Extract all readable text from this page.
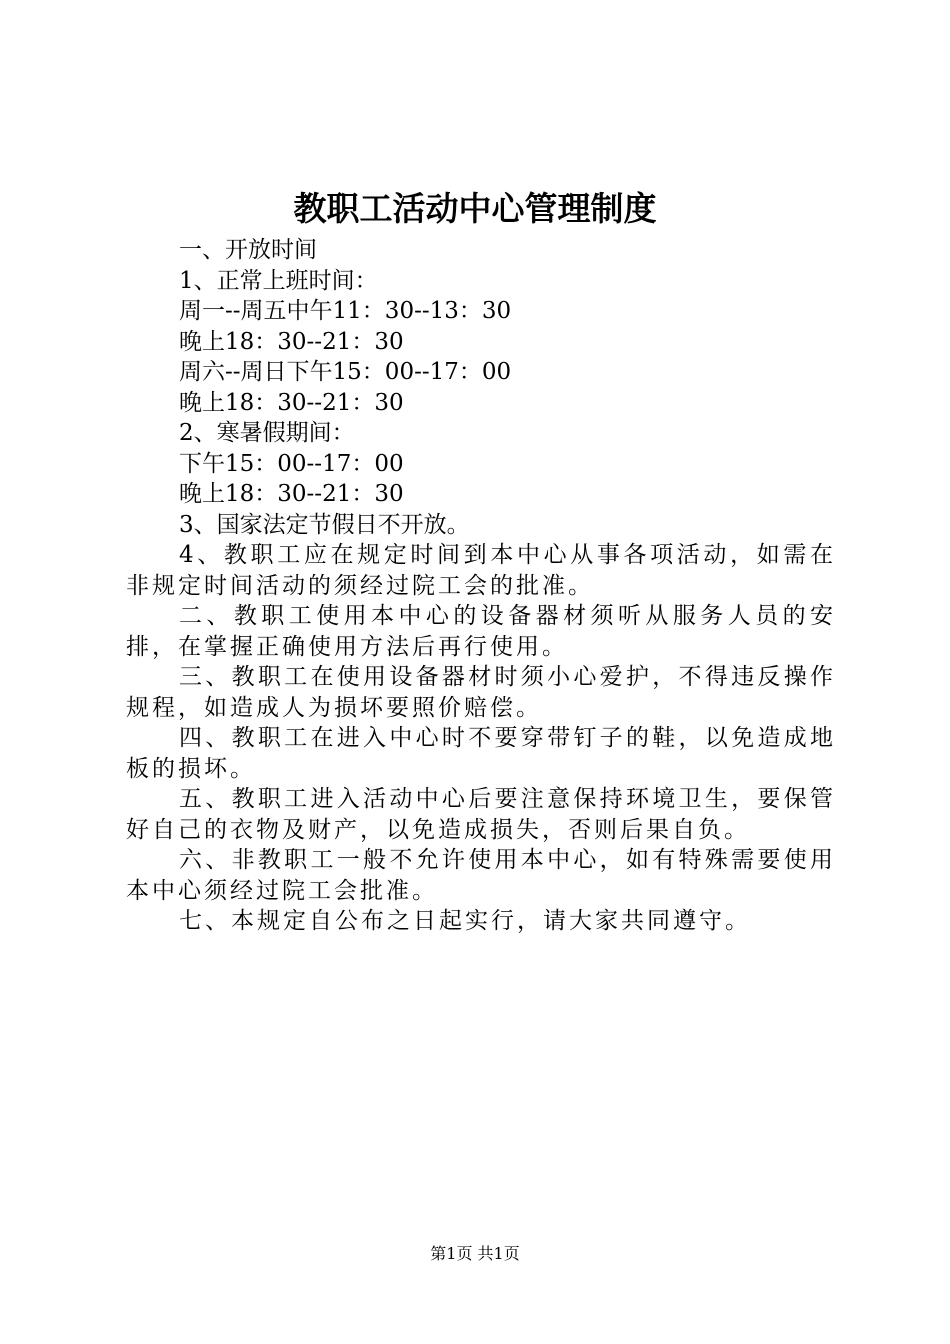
教职工活动中心管理制度

一、开放时间

1、正常上班时间：

周一--周五中午11：30--13：30

晚上18：30--21：30

周六--周日下午15：00--17：00

晚上18：30--21：30

2、寒暑假期间：

下午15：00--17：00

晚上18：30--21：30

3、国家法定节假日不开放。

4、教职工应在规定时间到本中心从事各项活动，如需在非规定时间活动的须经过院工会的批准。

二、教职工使用本中心的设备器材须听从服务人员的安排，在掌握正确使用方法后再行使用。

三、教职工在使用设备器材时须小心爱护，不得违反操作规程，如造成人为损坏要照价赔偿。

四、教职工在进入中心时不要穿带钉子的鞋，以免造成地板的损坏。

五、教职工进入活动中心后要注意保持环境卫生，要保管好自己的衣物及财产，以免造成损失，否则后果自负。

六、非教职工一般不允许使用本中心，如有特殊需要使用本中心须经过院工会批准。

七、本规定自公布之日起实行，请大家共同遵守。

第1页 共1页
